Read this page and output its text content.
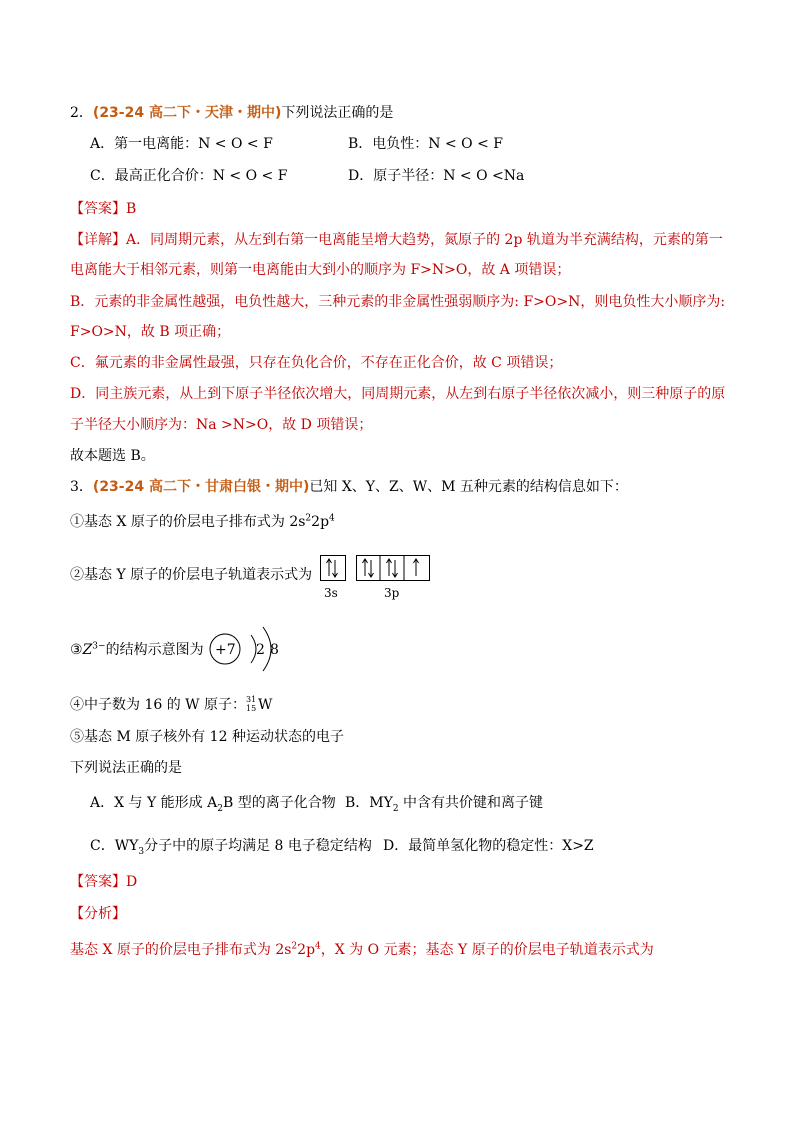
2．(23-24 高二下・天津・期中)下列说法正确的是
A．第一电离能：N < O < F	B．电负性：N < O < F
C．最高正化合价：N < O < F	D．原子半径：N < O <Na
【答案】B
【详解】A．同周期元素，从左到右第一电离能呈增大趋势，氮原子的 2p 轨道为半充满结构，元素的第一
电离能大于相邻元素，则第一电离能由大到小的顺序为 F>N>O，故 A 项错误；
B．元素的非金属性越强，电负性越大，三种元素的非金属性强弱顺序为: F>O>N，则电负性大小顺序为:
F>O>N，故 B 项正确；
C．氟元素的非金属性最强，只存在负化合价，不存在正化合价，故 C 项错误；
D．同主族元素，从上到下原子半径依次增大，同周期元素，从左到右原子半径依次减小，则三种原子的原
子半径大小顺序为：Na >N>O，故 D 项错误；
故本题选 B。
3．(23-24 高二下・甘肃白银・期中)已知 X、Y、Z、W、M 五种元素的结构信息如下：
①基态 X 原子的价层电子排布式为 $2s^22p^4$
②基态 Y 原子的价层电子轨道表示式为
3s	3p
$③Z^{3-}$的结构示意图为 +7 2 8
④中子数为 16 的 W 原子： 31
15 W
⑤基态 M 原子核外有 12 种运动状态的电子
下列说法正确的是
A．X 与 Y 能形成 $A_2B$ 型的离子化合物 B．$MY_2$ 中含有共价键和离子键
C．$WY_3$分子中的原子均满足 8 电子稳定结构 D．最简单氢化物的稳定性：X>Z
【答案】D
【分析】
基态 X 原子的价层电子排布式为 $2s^22p^4$，X 为 O 元素；基态 Y 原子的价层电子轨道表示式为
